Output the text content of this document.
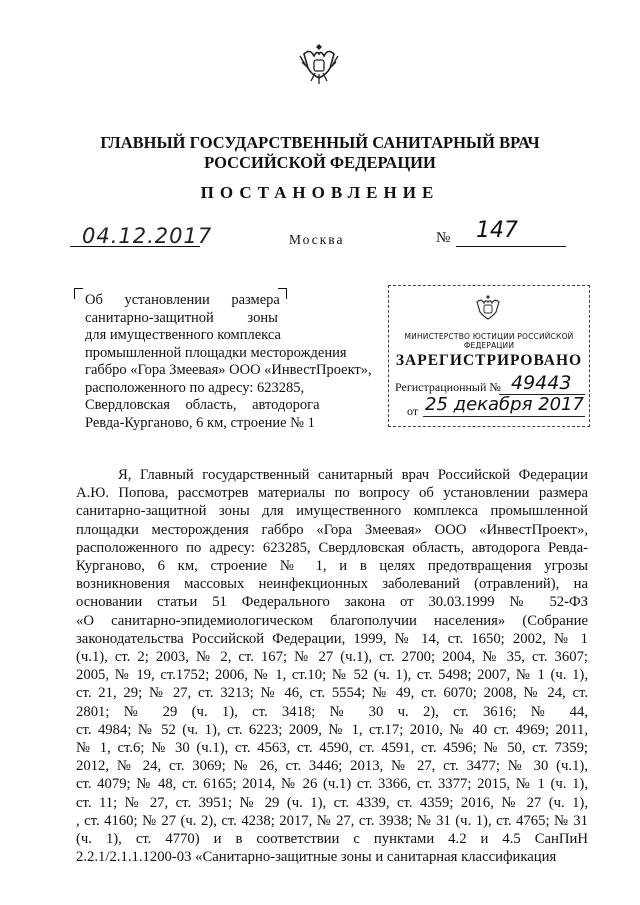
ГЛАВНЫЙ ГОСУДАРСТВЕННЫЙ САНИТАРНЫЙ ВРАЧ
РОССИЙСКОЙ ФЕДЕРАЦИИ
ПОСТАНОВЛЕНИЕ
04.12.2017	Москва	№ 147
Об установлении размера
санитарно-защитной зоны
для имущественного комплекса
промышленной площадки месторождения
габбро «Гора Змеевая» ООО «ИнвестПроект»,
расположенного по адресу: 623285,
Свердловская область, автодорога
Ревда-Курганово, 6 км, строение № 1
МИНИСТЕРСТВО ЮСТИЦИИ РОССИЙСКОЙ ФЕДЕРАЦИИ
ЗАРЕГИСТРИРОВАНО
Регистрационный № 49443
от 25 декабря 2017
Я, Главный государственный санитарный врач Российской Федерации
А.Ю. Попова, рассмотрев материалы по вопросу об установлении размера
санитарно-защитной зоны для имущественного комплекса промышленной
площадки месторождения габбро «Гора Змеевая» ООО «ИнвестПроект»,
расположенного по адресу: 623285, Свердловская область, автодорога Ревда-
Курганово, 6 км, строение № 1, и в целях предотвращения угрозы
возникновения массовых неинфекционных заболеваний (отравлений), на
основании статьи 51 Федерального закона от 30.03.1999 № 52-ФЗ
«О санитарно-эпидемиологическом благополучии населения» (Собрание
законодательства Российской Федерации, 1999, № 14, ст. 1650; 2002, № 1
(ч.1), ст. 2; 2003, № 2, ст. 167; № 27 (ч.1), ст. 2700; 2004, № 35, ст. 3607;
2005, № 19, ст.1752; 2006, № 1, ст.10; № 52 (ч. 1), ст. 5498; 2007, № 1 (ч. 1),
ст. 21, 29; № 27, ст. 3213; № 46, ст. 5554; № 49, ст. 6070; 2008, № 24, ст.
2801; № 29 (ч. 1), ст. 3418; № 30 ч. 2), ст. 3616; № 44,
ст. 4984; № 52 (ч. 1), ст. 6223; 2009, № 1, ст.17; 2010, № 40 ст. 4969; 2011,
№ 1, ст.6; № 30 (ч.1), ст. 4563, ст. 4590, ст. 4591, ст. 4596; № 50, ст. 7359;
2012, № 24, ст. 3069; № 26, ст. 3446; 2013, № 27, ст. 3477; № 30 (ч.1),
ст. 4079; № 48, ст. 6165; 2014, № 26 (ч.1) ст. 3366, ст. 3377; 2015, № 1 (ч. 1),
ст. 11; № 27, ст. 3951; № 29 (ч. 1), ст. 4339, ст. 4359; 2016, № 27 (ч. 1),
, ст. 4160; № 27 (ч. 2), ст. 4238; 2017, № 27, ст. 3938; № 31 (ч. 1), ст. 4765; № 31
(ч. 1), ст. 4770) и в соответствии с пунктами 4.2 и 4.5 СанПиН
2.2.1/2.1.1.1200-03 «Санитарно-защитные зоны и санитарная классификация
